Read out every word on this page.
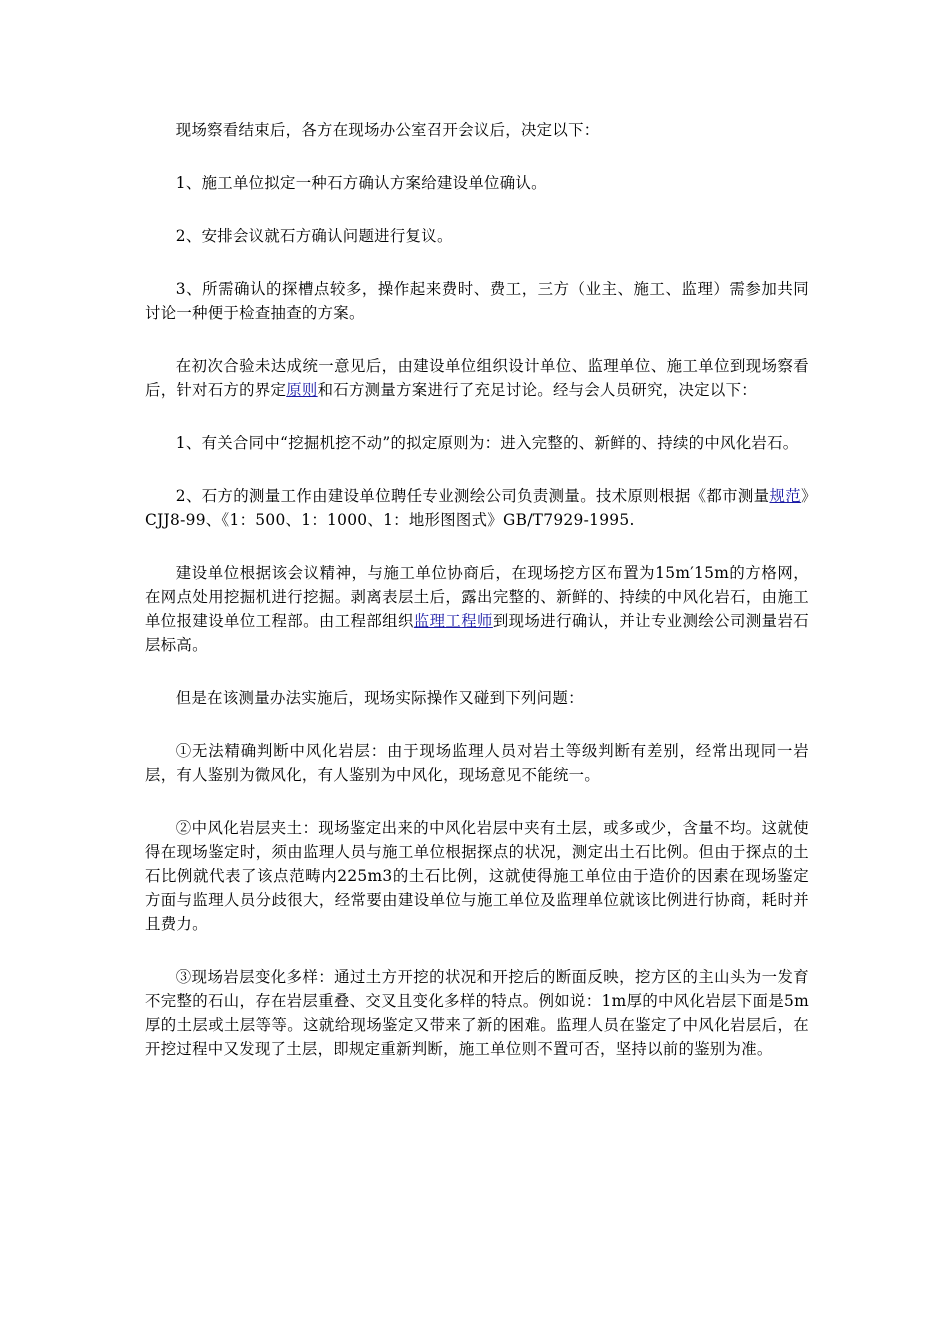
现场察看结束后，各方在现场办公室召开会议后，决定以下：

1、施工单位拟定一种石方确认方案给建设单位确认。

2、安排会议就石方确认问题进行复议。

3、所需确认的探槽点较多，操作起来费时、费工，三方（业主、施工、监理）需参加共同讨论一种便于检查抽查的方案。

在初次合验未达成统一意见后，由建设单位组织设计单位、监理单位、施工单位到现场察看后，针对石方的界定原则和石方测量方案进行了充足讨论。经与会人员研究，决定以下：

1、有关合同中“挖掘机挖不动”的拟定原则为：进入完整的、新鲜的、持续的中风化岩石。

2、石方的测量工作由建设单位聘任专业测绘公司负责测量。技术原则根据《都市测量规范》CJJ8-99、《1：500、1：1000、1：地形图图式》GB/T7929-1995.

建设单位根据该会议精神，与施工单位协商后，在现场挖方区布置为15m′15m的方格网，在网点处用挖掘机进行挖掘。剥离表层土后，露出完整的、新鲜的、持续的中风化岩石，由施工单位报建设单位工程部。由工程部组织监理工程师到现场进行确认，并让专业测绘公司测量岩石层标高。

但是在该测量办法实施后，现场实际操作又碰到下列问题：

①无法精确判断中风化岩层：由于现场监理人员对岩土等级判断有差别，经常出现同一岩层，有人鉴别为微风化，有人鉴别为中风化，现场意见不能统一。

②中风化岩层夹土：现场鉴定出来的中风化岩层中夹有土层，或多或少，含量不均。这就使得在现场鉴定时，须由监理人员与施工单位根据探点的状况，测定出土石比例。但由于探点的土石比例就代表了该点范畴内225m3的土石比例，这就使得施工单位由于造价的因素在现场鉴定方面与监理人员分歧很大，经常要由建设单位与施工单位及监理单位就该比例进行协商，耗时并且费力。

③现场岩层变化多样：通过土方开挖的状况和开挖后的断面反映，挖方区的主山头为一发育不完整的石山，存在岩层重叠、交叉且变化多样的特点。例如说：1m厚的中风化岩层下面是5m厚的土层或土层等等。这就给现场鉴定又带来了新的困难。监理人员在鉴定了中风化岩层后，在开挖过程中又发现了土层，即规定重新判断，施工单位则不置可否，坚持以前的鉴别为准。
